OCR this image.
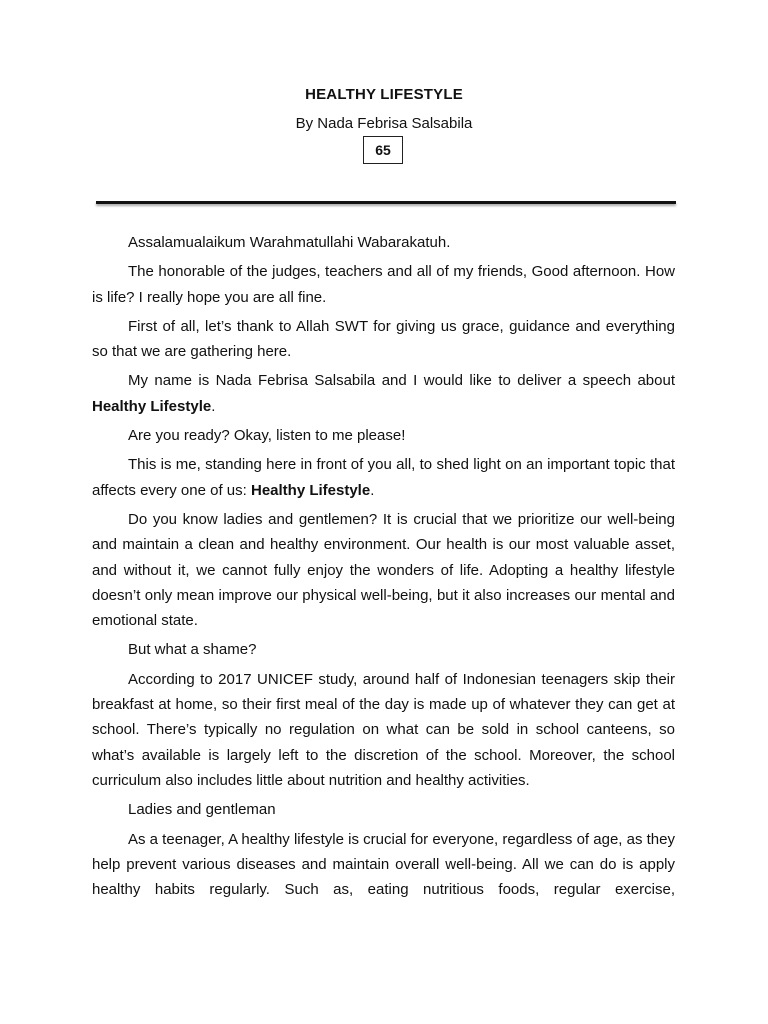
HEALTHY LIFESTYLE
By Nada Febrisa Salsabila
65

Assalamualaikum Warahmatullahi Wabarakatuh.

The honorable of the judges, teachers and all of my friends, Good afternoon. How is life? I really hope you are all fine.

First of all, let’s thank to Allah SWT for giving us grace, guidance and everything so that we are gathering here.

My name is Nada Febrisa Salsabila and I would like to deliver a speech about Healthy Lifestyle.

Are you ready? Okay, listen to me please!

This is me, standing here in front of you all, to shed light on an important topic that affects every one of us: Healthy Lifestyle.

Do you know ladies and gentlemen? It is crucial that we prioritize our well-being and maintain a clean and healthy environment. Our health is our most valuable asset, and without it, we cannot fully enjoy the wonders of life. Adopting a healthy lifestyle doesn’t only mean improve our physical well-being, but it also increases our mental and emotional state.

But what a shame?

According to 2017 UNICEF study, around half of Indonesian teenagers skip their breakfast at home, so their first meal of the day is made up of whatever they can get at school. There’s typically no regulation on what can be sold in school canteens, so what’s available is largely left to the discretion of the school. Moreover, the school curriculum also includes little about nutrition and healthy activities.

Ladies and gentleman

As a teenager, A healthy lifestyle is crucial for everyone, regardless of age, as they help prevent various diseases and maintain overall well-being. All we can do is apply healthy habits regularly. Such as, eating nutritious foods, regular exercise,
